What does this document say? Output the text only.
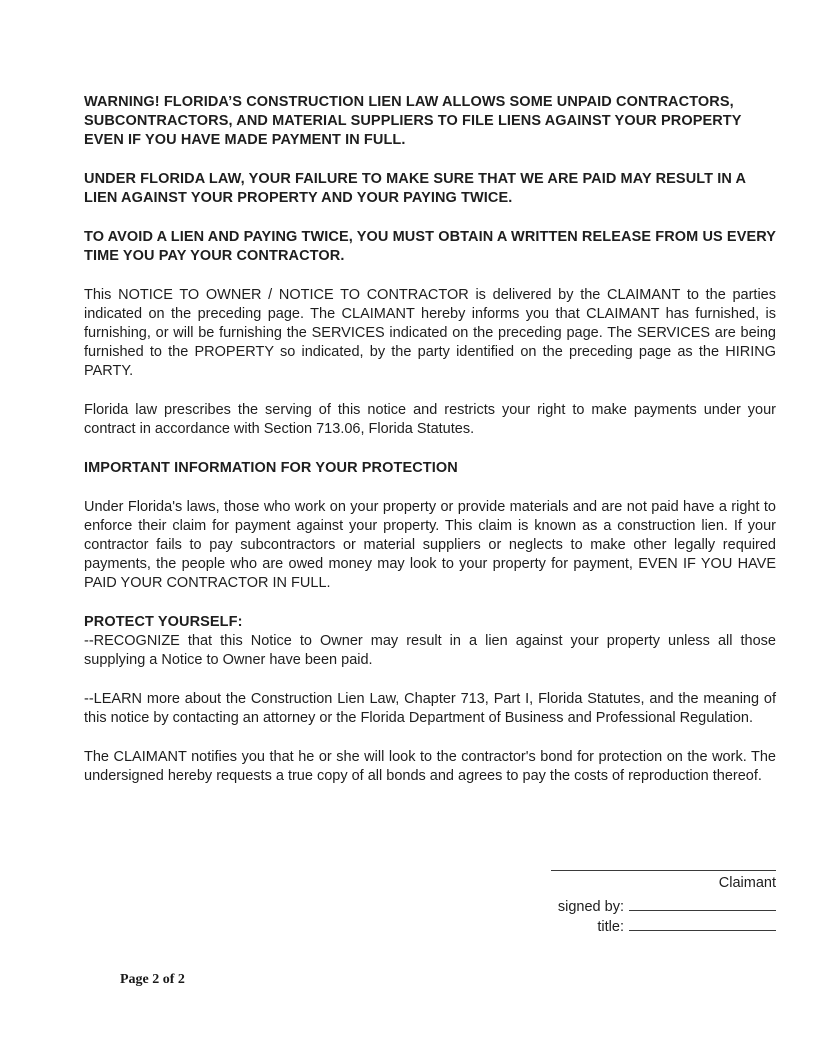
WARNING! FLORIDA’S CONSTRUCTION LIEN LAW ALLOWS SOME UNPAID CONTRACTORS, SUBCONTRACTORS, AND MATERIAL SUPPLIERS TO FILE LIENS AGAINST YOUR PROPERTY EVEN IF YOU HAVE MADE PAYMENT IN FULL.

UNDER FLORIDA LAW, YOUR FAILURE TO MAKE SURE THAT WE ARE PAID MAY RESULT IN A LIEN AGAINST YOUR PROPERTY AND YOUR PAYING TWICE.

TO AVOID A LIEN AND PAYING TWICE, YOU MUST OBTAIN A WRITTEN RELEASE FROM US EVERY TIME YOU PAY YOUR CONTRACTOR.

This NOTICE TO OWNER / NOTICE TO CONTRACTOR is delivered by the CLAIMANT to the parties indicated on the preceding page. The CLAIMANT hereby informs you that CLAIMANT has furnished, is furnishing, or will be furnishing the SERVICES indicated on the preceding page. The SERVICES are being furnished to the PROPERTY so indicated, by the party identified on the preceding page as the HIRING PARTY.

Florida law prescribes the serving of this notice and restricts your right to make payments under your contract in accordance with Section 713.06, Florida Statutes.

IMPORTANT INFORMATION FOR YOUR PROTECTION

Under Florida's laws, those who work on your property or provide materials and are not paid have a right to enforce their claim for payment against your property. This claim is known as a construction lien. If your contractor fails to pay subcontractors or material suppliers or neglects to make other legally required payments, the people who are owed money may look to your property for payment, EVEN IF YOU HAVE PAID YOUR CONTRACTOR IN FULL.

PROTECT YOURSELF:

--RECOGNIZE that this Notice to Owner may result in a lien against your property unless all those supplying a Notice to Owner have been paid.

--LEARN more about the Construction Lien Law, Chapter 713, Part I, Florida Statutes, and the meaning of this notice by contacting an attorney or the Florida Department of Business and Professional Regulation.

The CLAIMANT notifies you that he or she will look to the contractor's bond for protection on the work. The undersigned hereby requests a true copy of all bonds and agrees to pay the costs of reproduction thereof.

Claimant
signed by:
title:
Page 2 of 2
